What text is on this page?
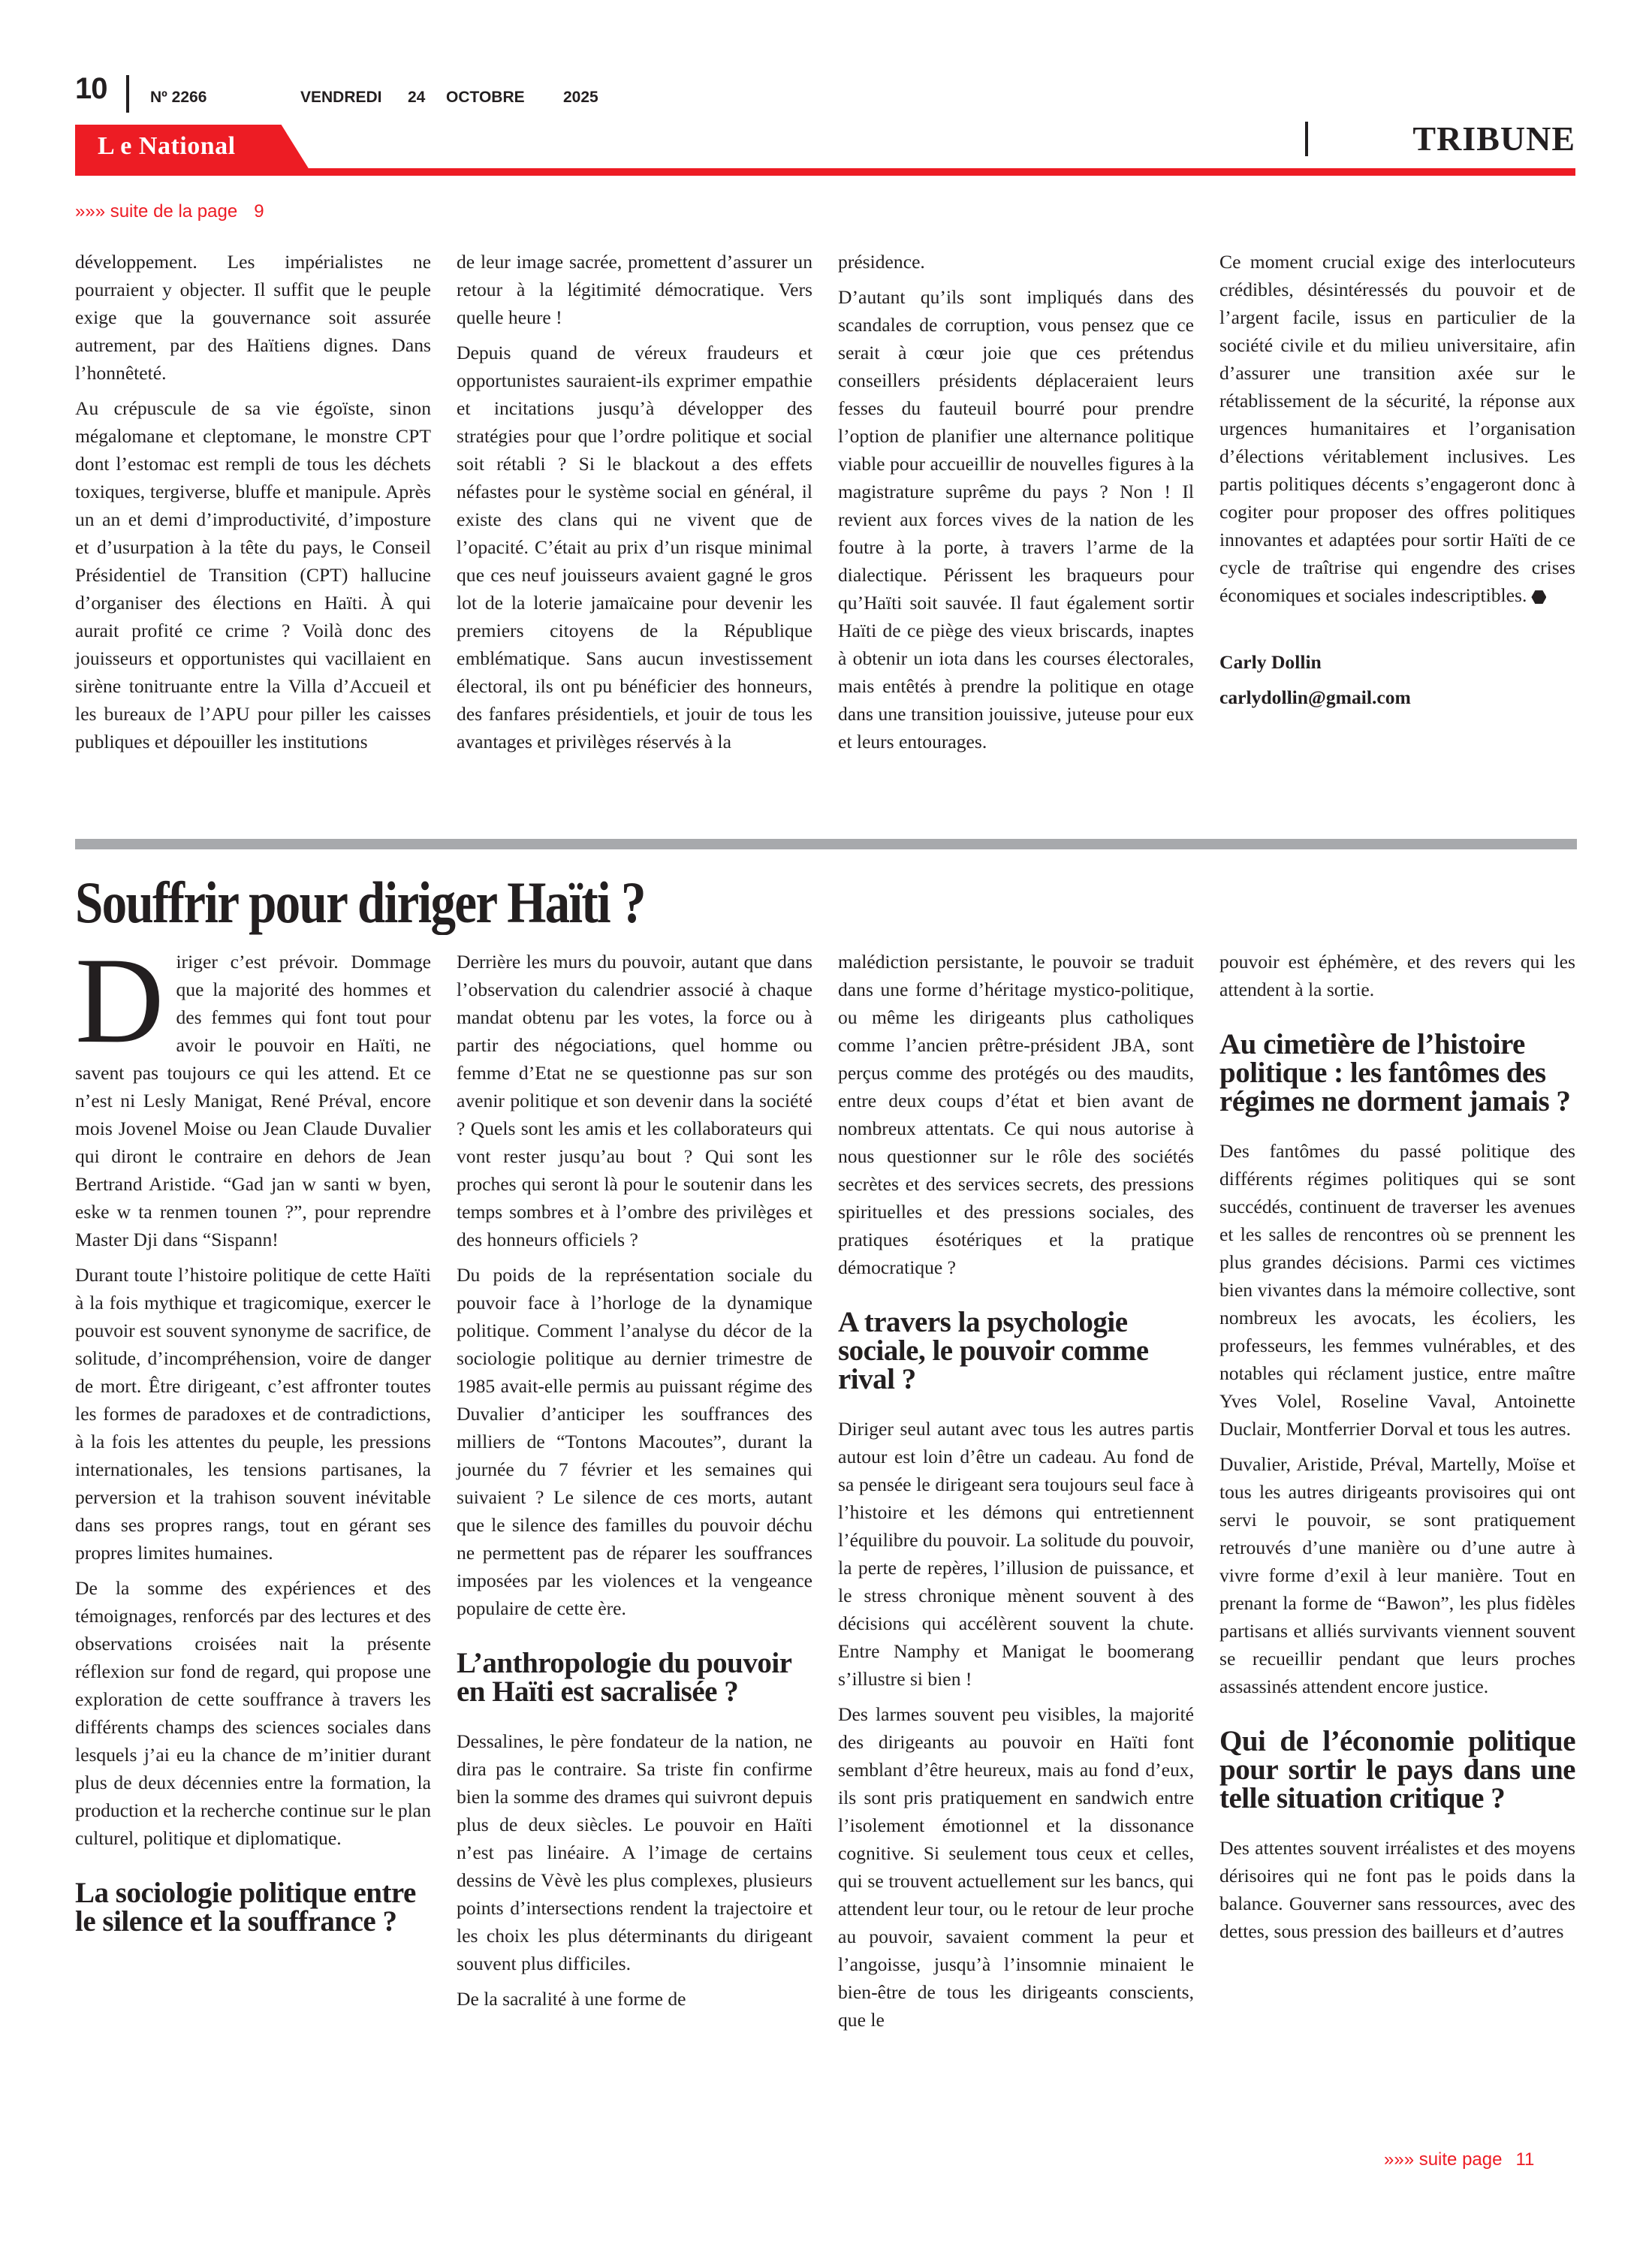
10	Nº 2266	VENDREDI 24 OCTOBRE 2025
L e National	TRIBUNE
»»» suite de la page 9

développement. Les impérialistes ne pourraient y objecter. Il suffit que le peuple exige que la gouvernance soit assurée autrement, par des Haïtiens dignes. Dans l’honnêteté.

Au crépuscule de sa vie égoïste, sinon mégalomane et cleptomane, le monstre CPT dont l’estomac est rempli de tous les déchets toxiques, tergiverse, bluffe et manipule. Après un an et demi d’improductivité, d’imposture et d’usurpation à la tête du pays, le Conseil Présidentiel de Transition (CPT) hallucine d’organiser des élections en Haïti. À qui aurait profité ce crime ? Voilà donc des jouisseurs et opportunistes qui vacillaient en sirène tonitruante entre la Villa d’Accueil et les bureaux de l’APU pour piller les caisses publiques et dépouiller les institutions

de leur image sacrée, promettent d’assurer un retour à la légitimité démocratique. Vers quelle heure !

Depuis quand de véreux fraudeurs et opportunistes sauraient-ils exprimer empathie et incitations jusqu’à développer des stratégies pour que l’ordre politique et social soit rétabli ? Si le blackout a des effets néfastes pour le système social en général, il existe des clans qui ne vivent que de l’opacité. C’était au prix d’un risque minimal que ces neuf jouisseurs avaient gagné le gros lot de la loterie jamaïcaine pour devenir les premiers citoyens de la République emblématique. Sans aucun investissement électoral, ils ont pu bénéficier des honneurs, des fanfares présidentiels, et jouir de tous les avantages et privilèges réservés à la

présidence.

D’autant qu’ils sont impliqués dans des scandales de corruption, vous pensez que ce serait à cœur joie que ces prétendus conseillers présidents déplaceraient leurs fesses du fauteuil bourré pour prendre l’option de planifier une alternance politique viable pour accueillir de nouvelles figures à la magistrature suprême du pays ? Non ! Il revient aux forces vives de la nation de les foutre à la porte, à travers l’arme de la dialectique. Périssent les braqueurs pour qu’Haïti soit sauvée. Il faut également sortir Haïti de ce piège des vieux briscards, inaptes à obtenir un iota dans les courses électorales, mais entêtés à prendre la politique en otage dans une transition jouissive, juteuse pour eux et leurs entourages.

Ce moment crucial exige des interlocuteurs crédibles, désintéressés du pouvoir et de l’argent facile, issus en particulier de la société civile et du milieu universitaire, afin d’assurer une transition axée sur le rétablissement de la sécurité, la réponse aux urgences humanitaires et l’organisation d’élections véritablement inclusives. Les partis politiques décents s’engageront donc à cogiter pour proposer des offres politiques innovantes et adaptées pour sortir Haïti de ce cycle de traîtrise qui engendre des crises économiques et sociales indescriptibles.

Carly Dollin
carlydollin@gmail.com
Souffrir pour diriger Haïti ?

Diriger c’est prévoir. Dommage que la majorité des hommes et des femmes qui font tout pour avoir le pouvoir en Haïti, ne savent pas toujours ce qui les attend. Et ce n’est ni Lesly Manigat, René Préval, encore mois Jovenel Moise ou Jean Claude Duvalier qui diront le contraire en dehors de Jean Bertrand Aristide. “Gad jan w santi w byen, eske w ta renmen tounen ?”, pour reprendre Master Dji dans “Sispann!

Durant toute l’histoire politique de cette Haïti à la fois mythique et tragicomique, exercer le pouvoir est souvent synonyme de sacrifice, de solitude, d’incompréhension, voire de danger de mort. Être dirigeant, c’est affronter toutes les formes de paradoxes et de contradictions, à la fois les attentes du peuple, les pressions internationales, les tensions partisanes, la perversion et la trahison souvent inévitable dans ses propres rangs, tout en gérant ses propres limites humaines.

De la somme des expériences et des témoignages, renforcés par des lectures et des observations croisées nait la présente réflexion sur fond de regard, qui propose une exploration de cette souffrance à travers les différents champs des sciences sociales dans lesquels j’ai eu la chance de m’initier durant plus de deux décennies entre la formation, la production et la recherche continue sur le plan culturel, politique et diplomatique.

La sociologie politique entre le silence et la souffrance ?

Derrière les murs du pouvoir, autant que dans l’observation du calendrier associé à chaque mandat obtenu par les votes, la force ou à partir des négociations, quel homme ou femme d’Etat ne se questionne pas sur son avenir politique et son devenir dans la société ? Quels sont les amis et les collaborateurs qui vont rester jusqu’au bout ? Qui sont les proches qui seront là pour le soutenir dans les temps sombres et à l’ombre des privilèges et des honneurs officiels ?

Du poids de la représentation sociale du pouvoir face à l’horloge de la dynamique politique. Comment l’analyse du décor de la sociologie politique au dernier trimestre de 1985 avait-elle permis au puissant régime des Duvalier d’anticiper les souffrances des milliers de “Tontons Macoutes”, durant la journée du 7 février et les semaines qui suivaient ? Le silence de ces morts, autant que le silence des familles du pouvoir déchu ne permettent pas de réparer les souffrances imposées par les violences et la vengeance populaire de cette ère.

L’anthropologie du pouvoir en Haïti est sacralisée ?

Dessalines, le père fondateur de la nation, ne dira pas le contraire. Sa triste fin confirme bien la somme des drames qui suivront depuis plus de deux siècles. Le pouvoir en Haïti n’est pas linéaire. A l’image de certains dessins de Vèvè les plus complexes, plusieurs points d’intersections rendent la trajectoire et les choix les plus déterminants du dirigeant souvent plus difficiles.

De la sacralité à une forme de

malédiction persistante, le pouvoir se traduit dans une forme d’héritage mystico-politique, ou même les dirigeants plus catholiques comme l’ancien prêtre-président JBA, sont perçus comme des protégés ou des maudits, entre deux coups d’état et bien avant de nombreux attentats. Ce qui nous autorise à nous questionner sur le rôle des sociétés secrètes et des services secrets, des pressions spirituelles et des pressions sociales, des pratiques ésotériques et la pratique démocratique ?

A travers la psychologie sociale, le pouvoir comme rival ?

Diriger seul autant avec tous les autres partis autour est loin d’être un cadeau. Au fond de sa pensée le dirigeant sera toujours seul face à l’histoire et les démons qui entretiennent l’équilibre du pouvoir. La solitude du pouvoir, la perte de repères, l’illusion de puissance, et le stress chronique mènent souvent à des décisions qui accélèrent souvent la chute. Entre Namphy et Manigat le boomerang s’illustre si bien !

Des larmes souvent peu visibles, la majorité des dirigeants au pouvoir en Haïti font semblant d’être heureux, mais au fond d’eux, ils sont pris pratiquement en sandwich entre l’isolement émotionnel et la dissonance cognitive. Si seulement tous ceux et celles, qui se trouvent actuellement sur les bancs, qui attendent leur tour, ou le retour de leur proche au pouvoir, savaient comment la peur et l’angoisse, jusqu’à l’insomnie minaient le bien-être de tous les dirigeants conscients, que le

pouvoir est éphémère, et des revers qui les attendent à la sortie.

Au cimetière de l’histoire politique : les fantômes des régimes ne dorment jamais ?

Des fantômes du passé politique des différents régimes politiques qui se sont succédés, continuent de traverser les avenues et les salles de rencontres où se prennent les plus grandes décisions. Parmi ces victimes bien vivantes dans la mémoire collective, sont nombreux les avocats, les écoliers, les professeurs, les femmes vulnérables, et des notables qui réclament justice, entre maître Yves Volel, Roseline Vaval, Antoinette Duclair, Montferrier Dorval et tous les autres.

Duvalier, Aristide, Préval, Martelly, Moïse et tous les autres dirigeants provisoires qui ont servi le pouvoir, se sont pratiquement retrouvés d’une manière ou d’une autre à vivre forme d’exil à leur manière. Tout en prenant la forme de “Bawon”, les plus fidèles partisans et alliés survivants viennent souvent se recueillir pendant que leurs proches assassinés attendent encore justice.

Qui de l’économie politique pour sortir le pays dans une telle situation critique ?

Des attentes souvent irréalistes et des moyens dérisoires qui ne font pas le poids dans la balance. Gouverner sans ressources, avec des dettes, sous pression des bailleurs et d’autres

»»» suite page 11
